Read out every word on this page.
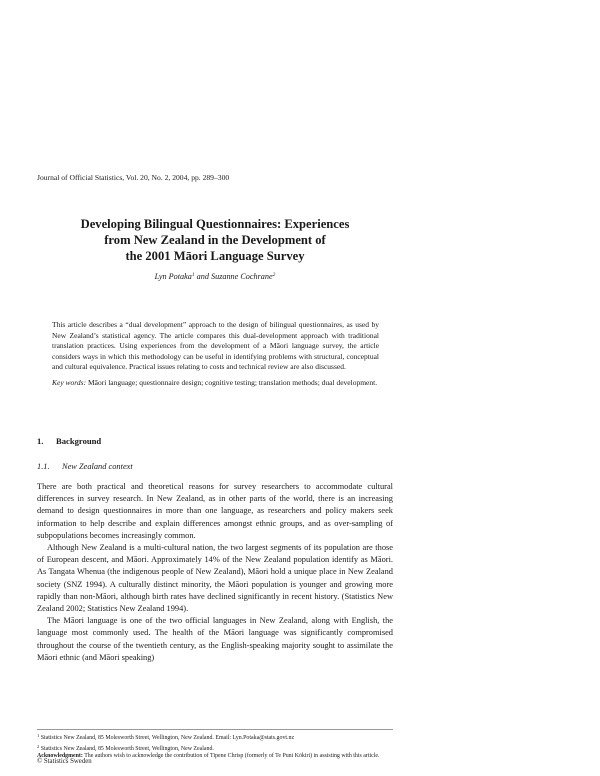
Journal of Official Statistics, Vol. 20, No. 2, 2004, pp. 289–300
Developing Bilingual Questionnaires: Experiences
from New Zealand in the Development of
the 2001 Māori Language Survey
Lyn Potaka$^1$ and Suzanne Cochrane$^2$

This article describes a “dual development” approach to the design of bilingual questionnaires, as used by New Zealand’s statistical agency. The article compares this dual-development approach with traditional translation practices. Using experiences from the development of a Māori language survey, the article considers ways in which this methodology can be useful in identifying problems with structural, conceptual and cultural equivalence. Practical issues relating to costs and technical review are also discussed.

Key words: Māori language; questionnaire design; cognitive testing; translation methods; dual development.

1. Background
1.1. New Zealand context

There are both practical and theoretical reasons for survey researchers to accommodate cultural differences in survey research. In New Zealand, as in other parts of the world, there is an increasing demand to design questionnaires in more than one language, as researchers and policy makers seek information to help describe and explain differences amongst ethnic groups, and as over-sampling of subpopulations becomes increasingly common.

Although New Zealand is a multi-cultural nation, the two largest segments of its population are those of European descent, and Māori. Approximately 14% of the New Zealand population identify as Māori. As Tangata Whenua (the indigenous people of New Zealand), Māori hold a unique place in New Zealand society (SNZ 1994). A culturally distinct minority, the Māori population is younger and growing more rapidly than non-Māori, although birth rates have declined significantly in recent history. (Statistics New Zealand 2002; Statistics New Zealand 1994).

The Māori language is one of the two official languages in New Zealand, along with English, the language most commonly used. The health of the Māori language was significantly compromised throughout the course of the twentieth century, as the English-speaking majority sought to assimilate the Māori ethnic (and Māori speaking)

$^1$ Statistics New Zealand, 85 Molesworth Street, Wellington, New Zealand. Email: Lyn.Potaka@stats.govt.nz

$^2$ Statistics New Zealand, 85 Molesworth Street, Wellington, New Zealand.

Acknowledgment: The authors wish to acknowledge the contribution of Tipene Chrisp (formerly of Te Puni Kōkiri) in assisting with this article.

© Statistics Sweden
